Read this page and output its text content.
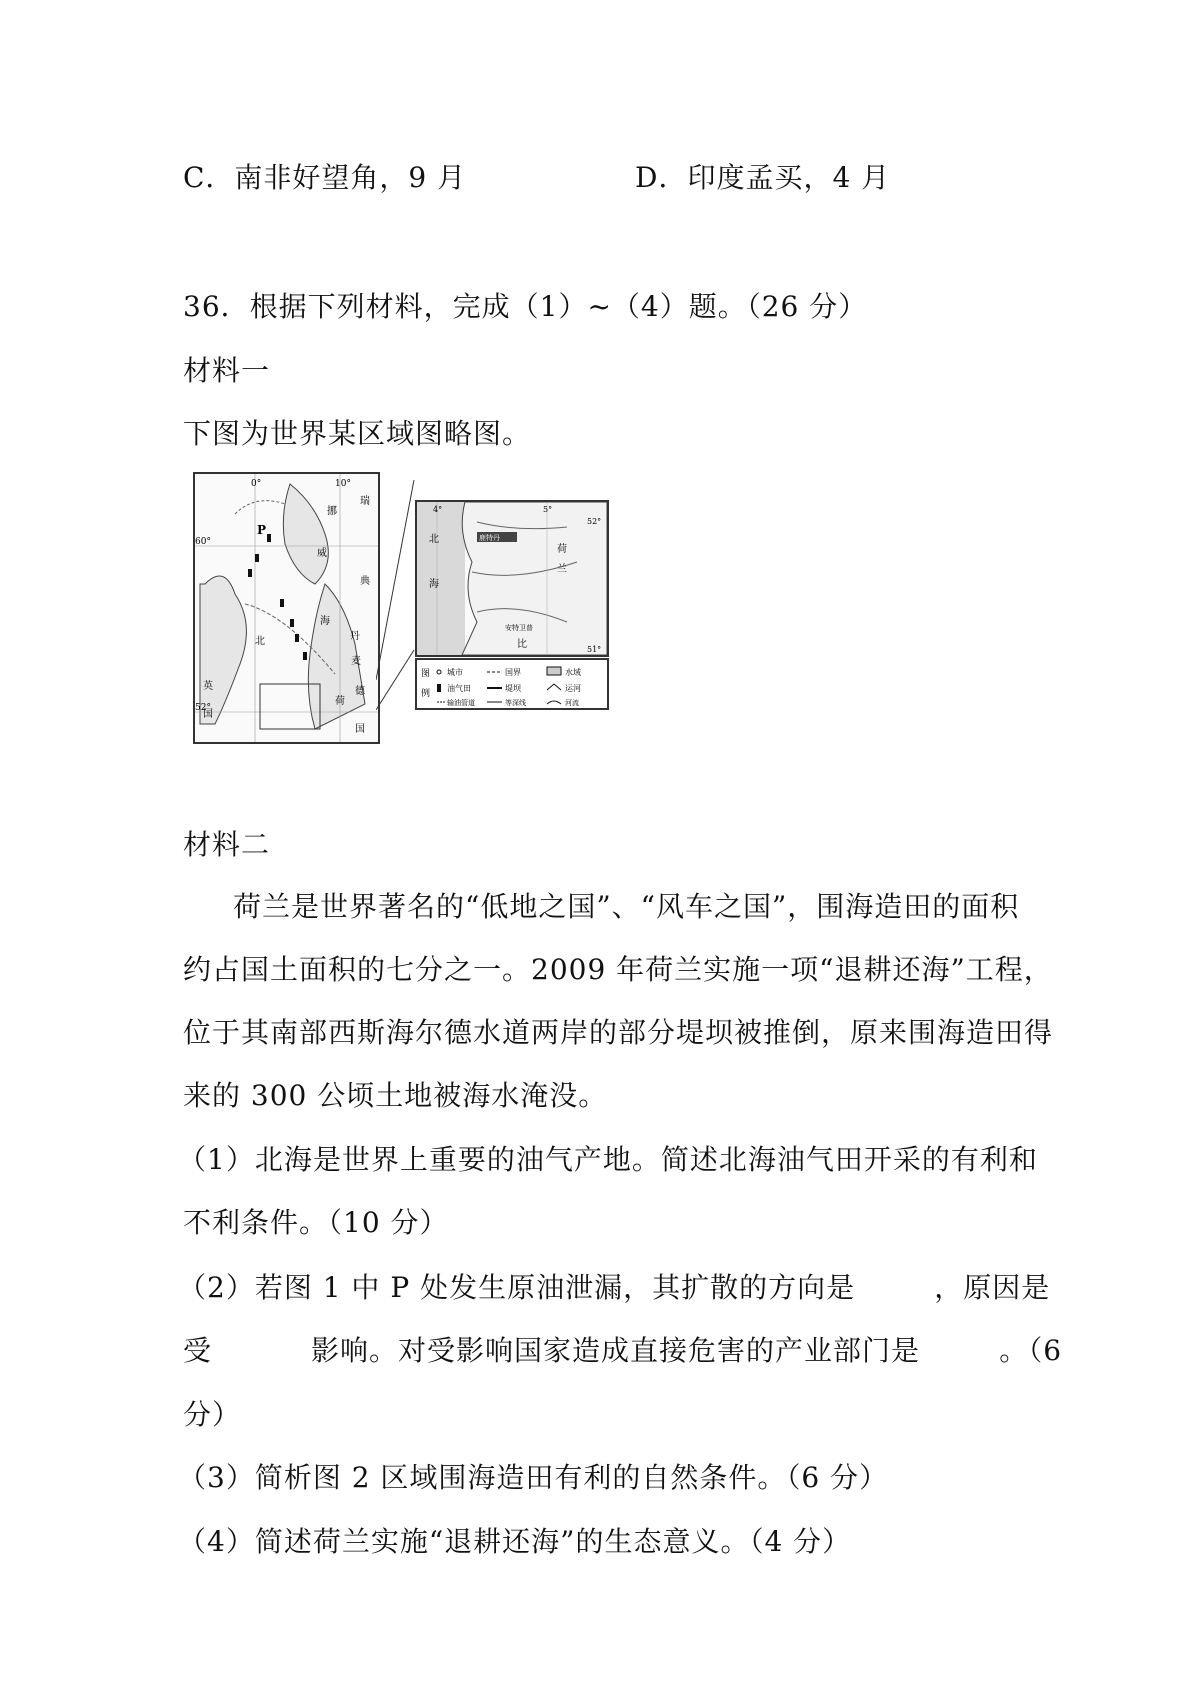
C．南非好望角，9 月	D．印度孟买，4 月
36．根据下列材料，完成（1）~（4）题。（26 分）
材料一
下图为世界某区域图略图。
0°	10°
60°
52°
P
挪
威
北
海
英
国
荷
德
国
瑞
典
丹
麦
4°	5°
52°
51°
北
海
鹿特丹
荷
兰
安特卫普
比
图
例
城市	国界	水域
油气田	堤坝	运河
输油管道	等深线	河流
材料二
荷兰是世界著名的“低地之国”、“风车之国”，围海造田的面积
约占国土面积的七分之一。2009 年荷兰实施一项“退耕还海”工程，
位于其南部西斯海尔德水道两岸的部分堤坝被推倒，原来围海造田得
来的 300 公顷土地被海水淹没。
（1）北海是世界上重要的油气产地。简述北海油气田开采的有利和
不利条件。（10 分）
（2）若图 1 中 P 处发生原油泄漏，其扩散的方向是        ，原因是
受          影响。对受影响国家造成直接危害的产业部门是        。（6
分）
（3）简析图 2 区域围海造田有利的自然条件。（6 分）
（4）简述荷兰实施“退耕还海”的生态意义。（4 分）
